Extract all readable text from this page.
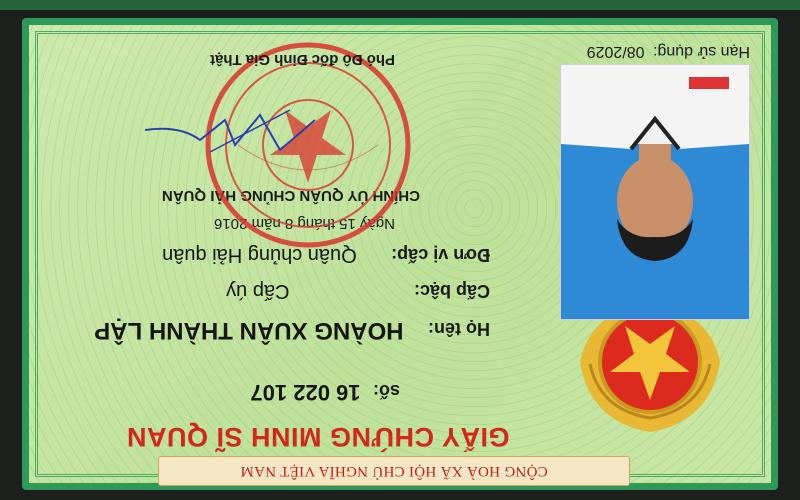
CỘNG HOÀ XÃ HỘI CHỦ NGHĨA VIỆT NAM
GIẤY CHỨNG MINH SĨ QUAN
số: 16 022 107
Họ tên: HOÀNG XUÂN THÀNH LẬP
Cấp bậc: Cấp úy
Đơn vị cấp: Quân chủng Hải quân
Ngày 15 tháng 8 năm 2016
CHÍNH ỦY QUÂN CHỦNG HẢI QUÂN
Phó Đô đốc Đinh Gia Thật	Hạn sử dụng: 08/2029
